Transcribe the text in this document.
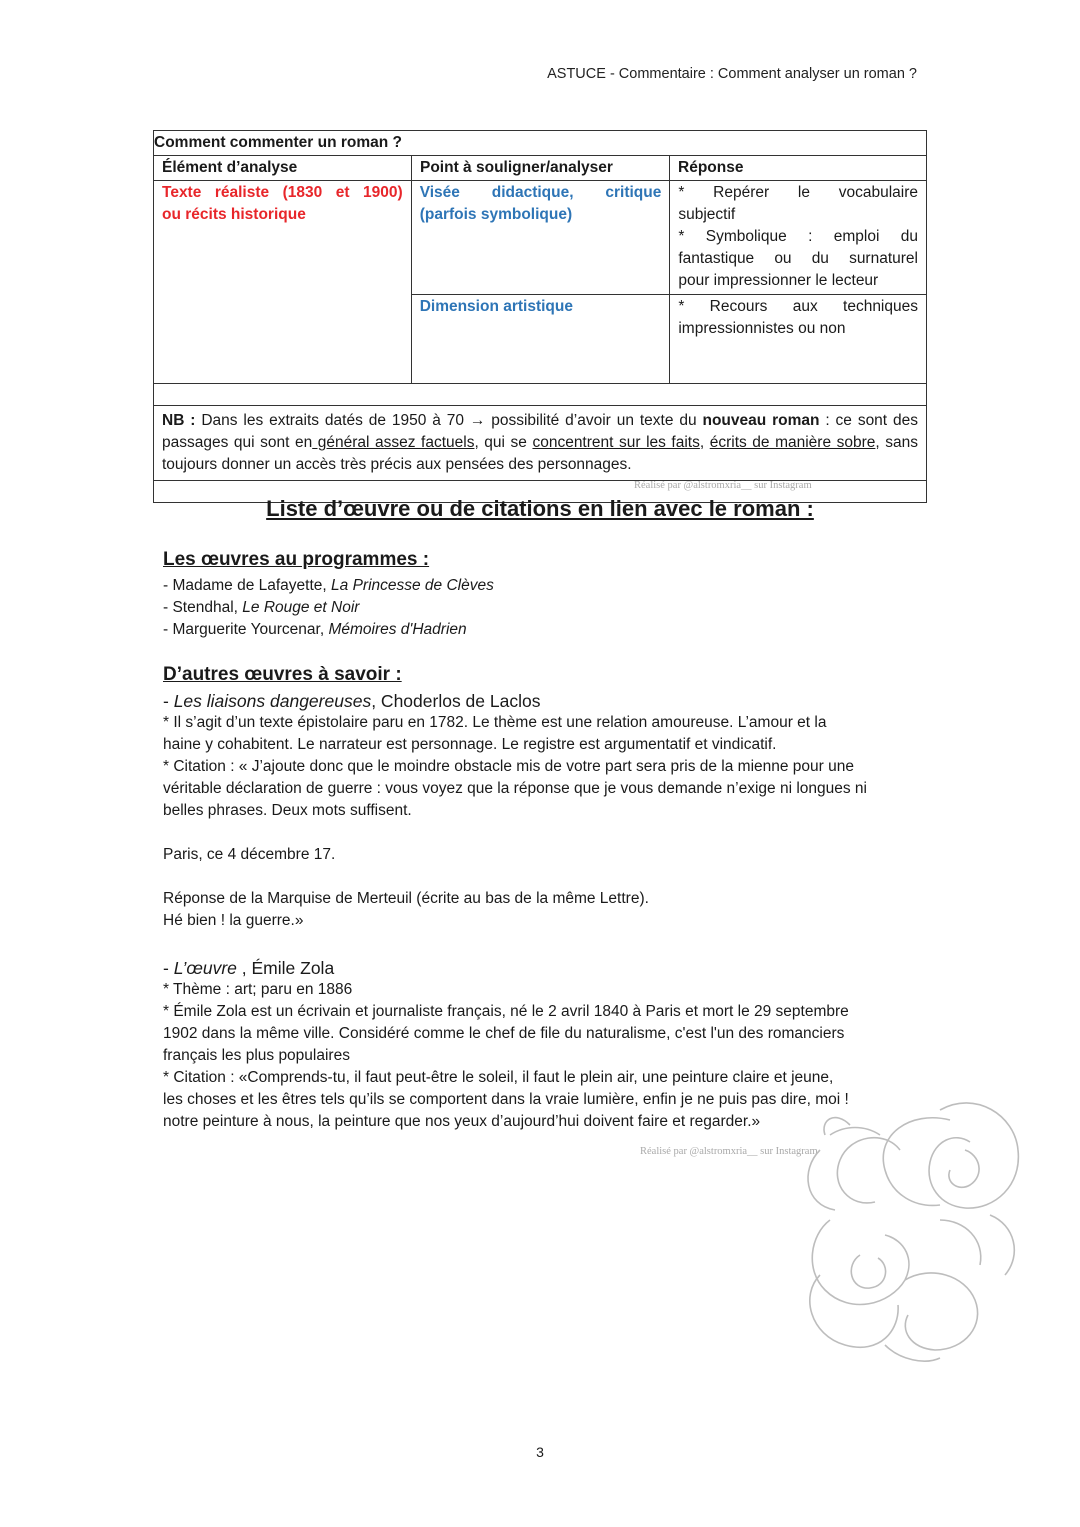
ASTUCE - Commentaire : Comment analyser un roman ?
Comment commenter un roman ?
Élément d’analyse	Point à souligner/analyser	Réponse
Texte réaliste (1830 et 1900)
ou récits historique
Visée didactique, critique
(parfois symbolique)
Dimension artistique
* Repérer le vocabulaire
subjectif
* Symbolique : emploi du
fantastique ou du surnaturel
pour impressionner le lecteur
* Recours aux techniques
impressionnistes ou non
NB : Dans les extraits datés de 1950 à 70 → possibilité d’avoir un texte du nouveau roman : ce sont des passages qui sont en général assez factuels, qui se concentrent sur les faits, écrits de manière sobre, sans toujours donner un accès très précis aux pensées des personnages.
Réalisé par @alstromxria__ sur Instagram
Liste d’œuvre ou de citations en lien avec le roman :
Les œuvres au programmes :
- Madame de Lafayette, La Princesse de Clèves
- Stendhal, Le Rouge et Noir
- Marguerite Yourcenar, Mémoires d'Hadrien
D’autres œuvres à savoir :
- Les liaisons dangereuses, Choderlos de Laclos
* Il s’agit d’un texte épistolaire paru en 1782. Le thème est une relation amoureuse. L’amour et la
haine y cohabitent. Le narrateur est personnage. Le registre est argumentatif et vindicatif.
* Citation : « J’ajoute donc que le moindre obstacle mis de votre part sera pris de la mienne pour une
véritable déclaration de guerre : vous voyez que la réponse que je vous demande n’exige ni longues ni
belles phrases. Deux mots suffisent.
Paris, ce 4 décembre 17.
Réponse de la Marquise de Merteuil (écrite au bas de la même Lettre).
Hé bien ! la guerre.»
- L’œuvre , Émile Zola
* Thème : art; paru en 1886
* Émile Zola est un écrivain et journaliste français, né le 2 avril 1840 à Paris et mort le 29 septembre
1902 dans la même ville. Considéré comme le chef de file du naturalisme, c'est l'un des romanciers
français les plus populaires
* Citation : «Comprends-tu, il faut peut-être le soleil, il faut le plein air, une peinture claire et jeune,
les choses et les êtres tels qu’ils se comportent dans la vraie lumière, enfin je ne puis pas dire, moi !
notre peinture à nous, la peinture que nos yeux d’aujourd’hui doivent faire et regarder.»
Réalisé par @alstromxria__ sur Instagram
3
